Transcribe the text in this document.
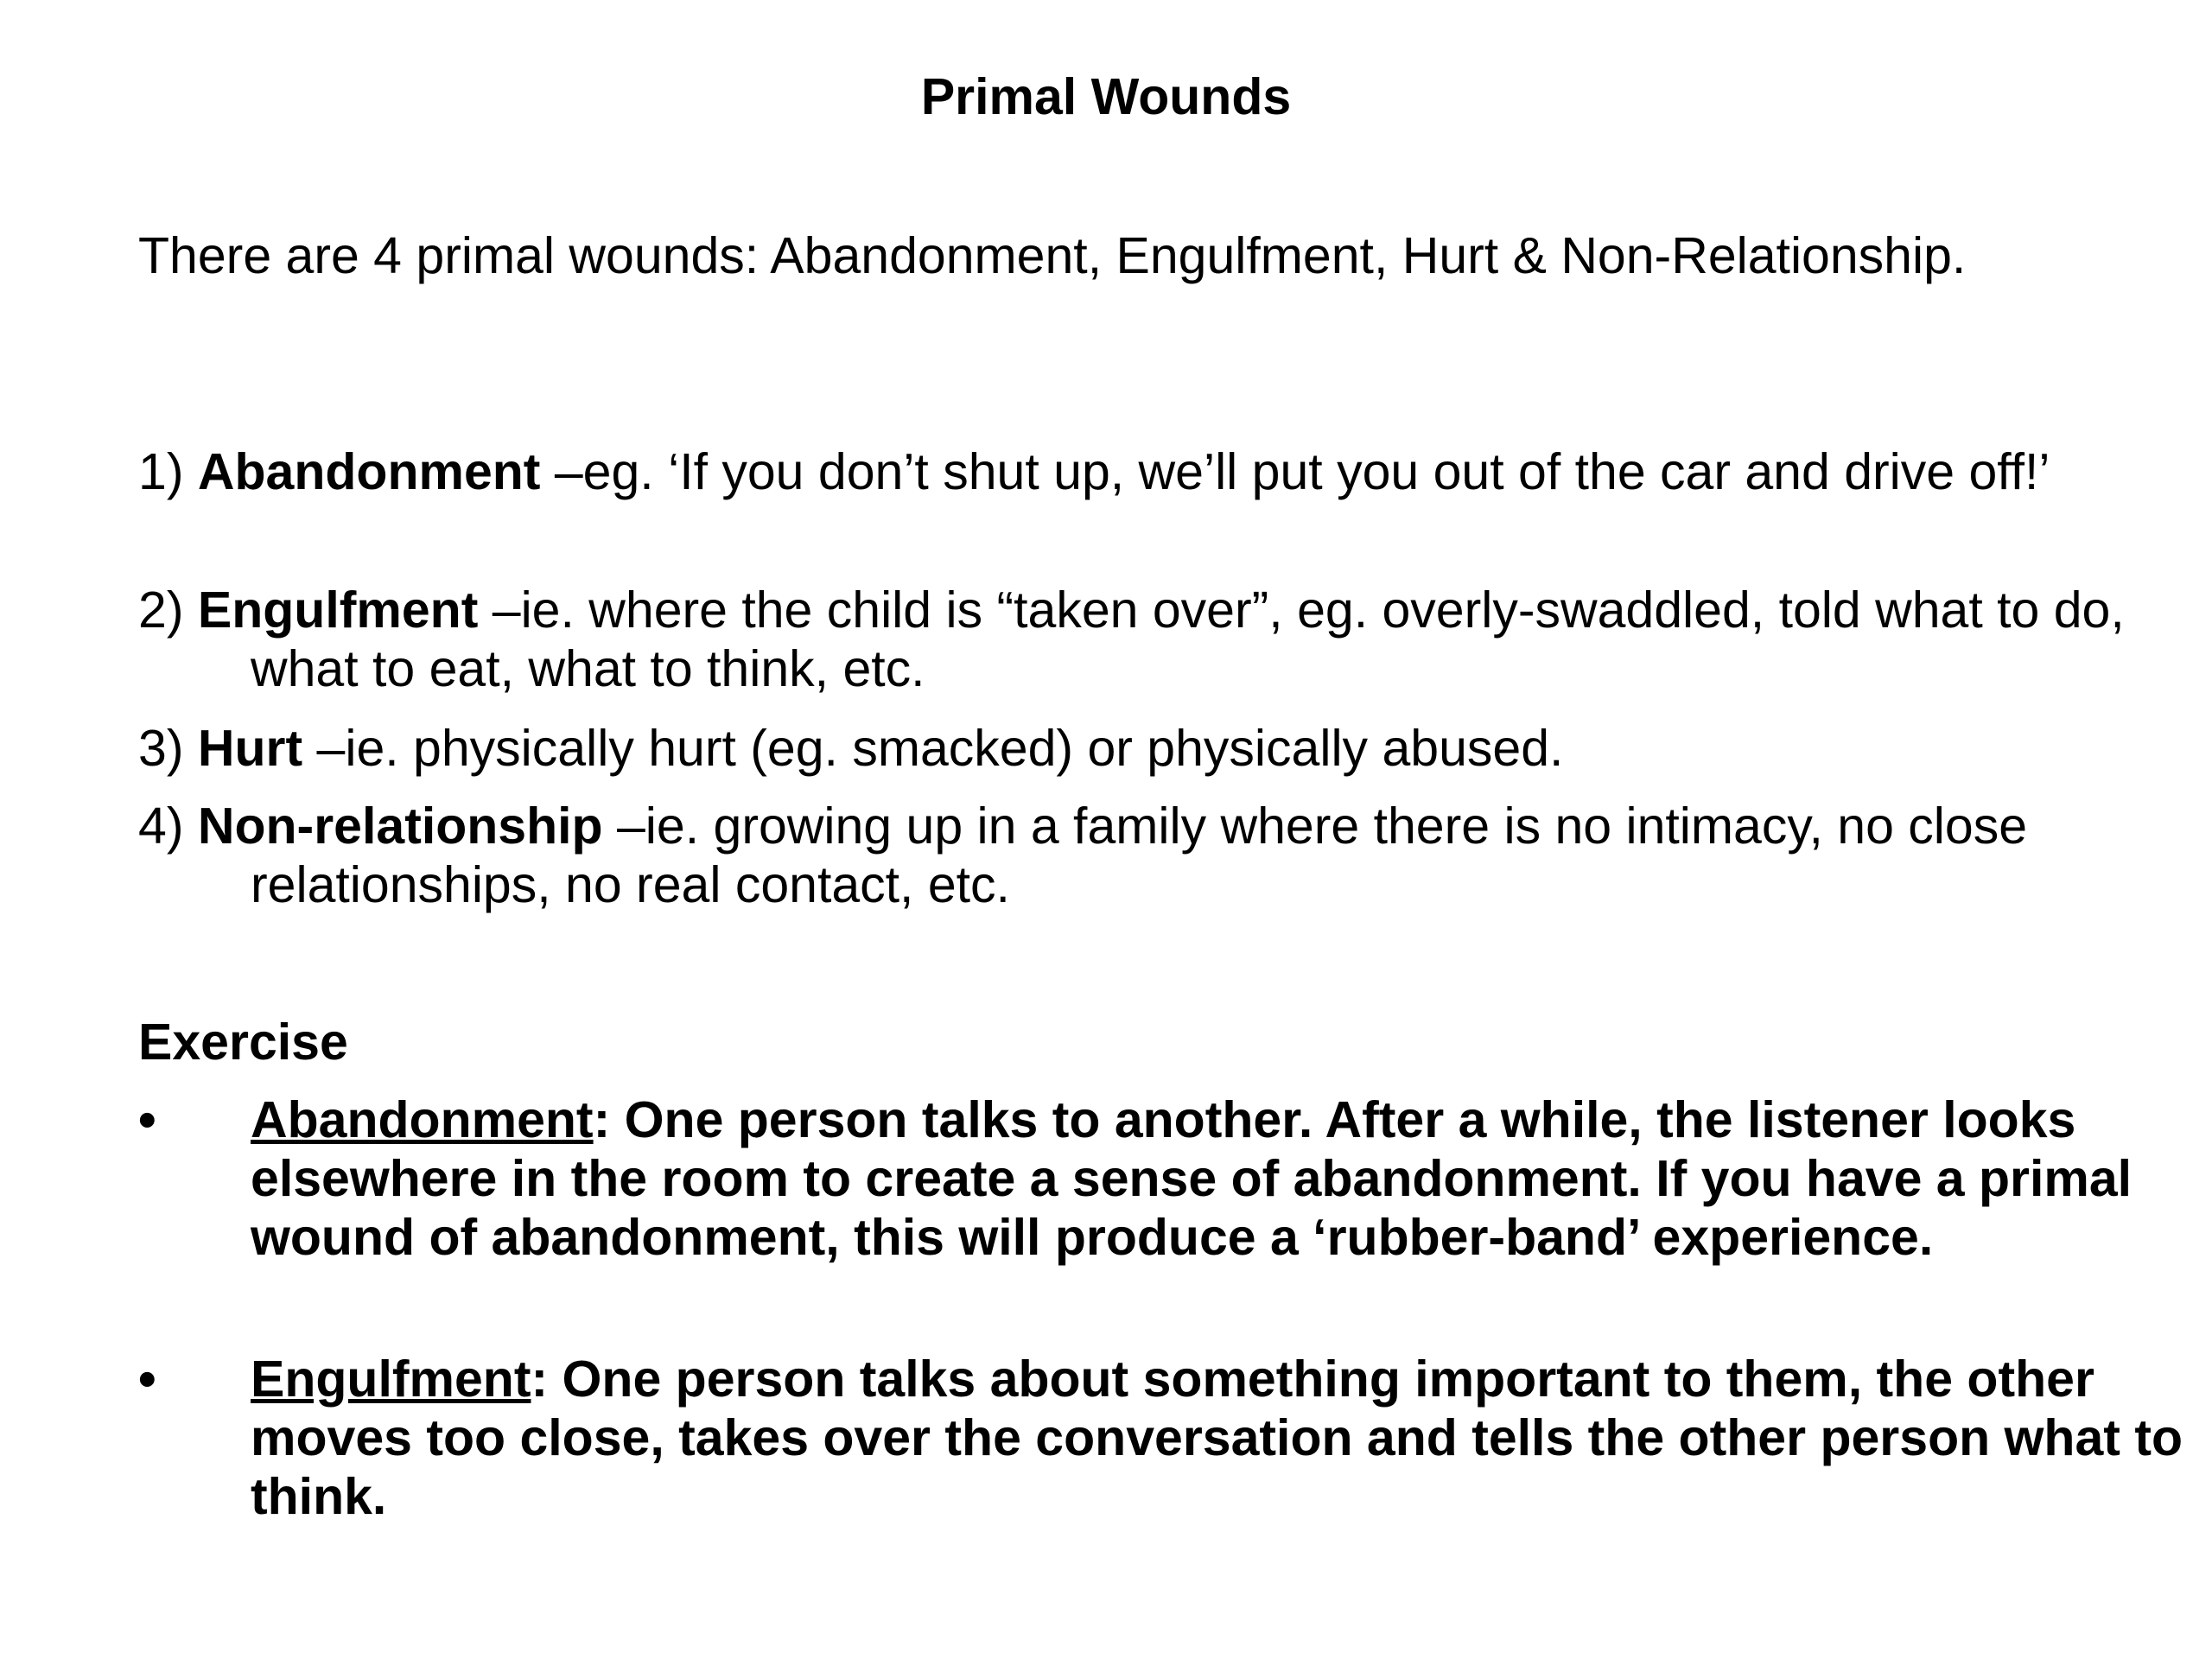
Primal Wounds

There are 4 primal wounds: Abandonment, Engulfment, Hurt & Non-Relationship.

1) Abandonment –eg. ‘If you don’t shut up, we’ll put you out of the car and drive off!’

2) Engulfment –ie. where the child is “taken over”, eg. overly-swaddled, told what to do, what to eat, what to think, etc.

3) Hurt –ie. physically hurt (eg. smacked) or physically abused.

4) Non-relationship –ie. growing up in a family where there is no intimacy, no close relationships, no real contact, etc.

Exercise
•	Abandonment: One person talks to another. After a while, the listener looks elsewhere in the room to create a sense of abandonment. If you have a primal wound of abandonment, this will produce a ‘rubber-band’ experience.
•	Engulfment: One person talks about something important to them, the other moves too close, takes over the conversation and tells the other person what to think.
